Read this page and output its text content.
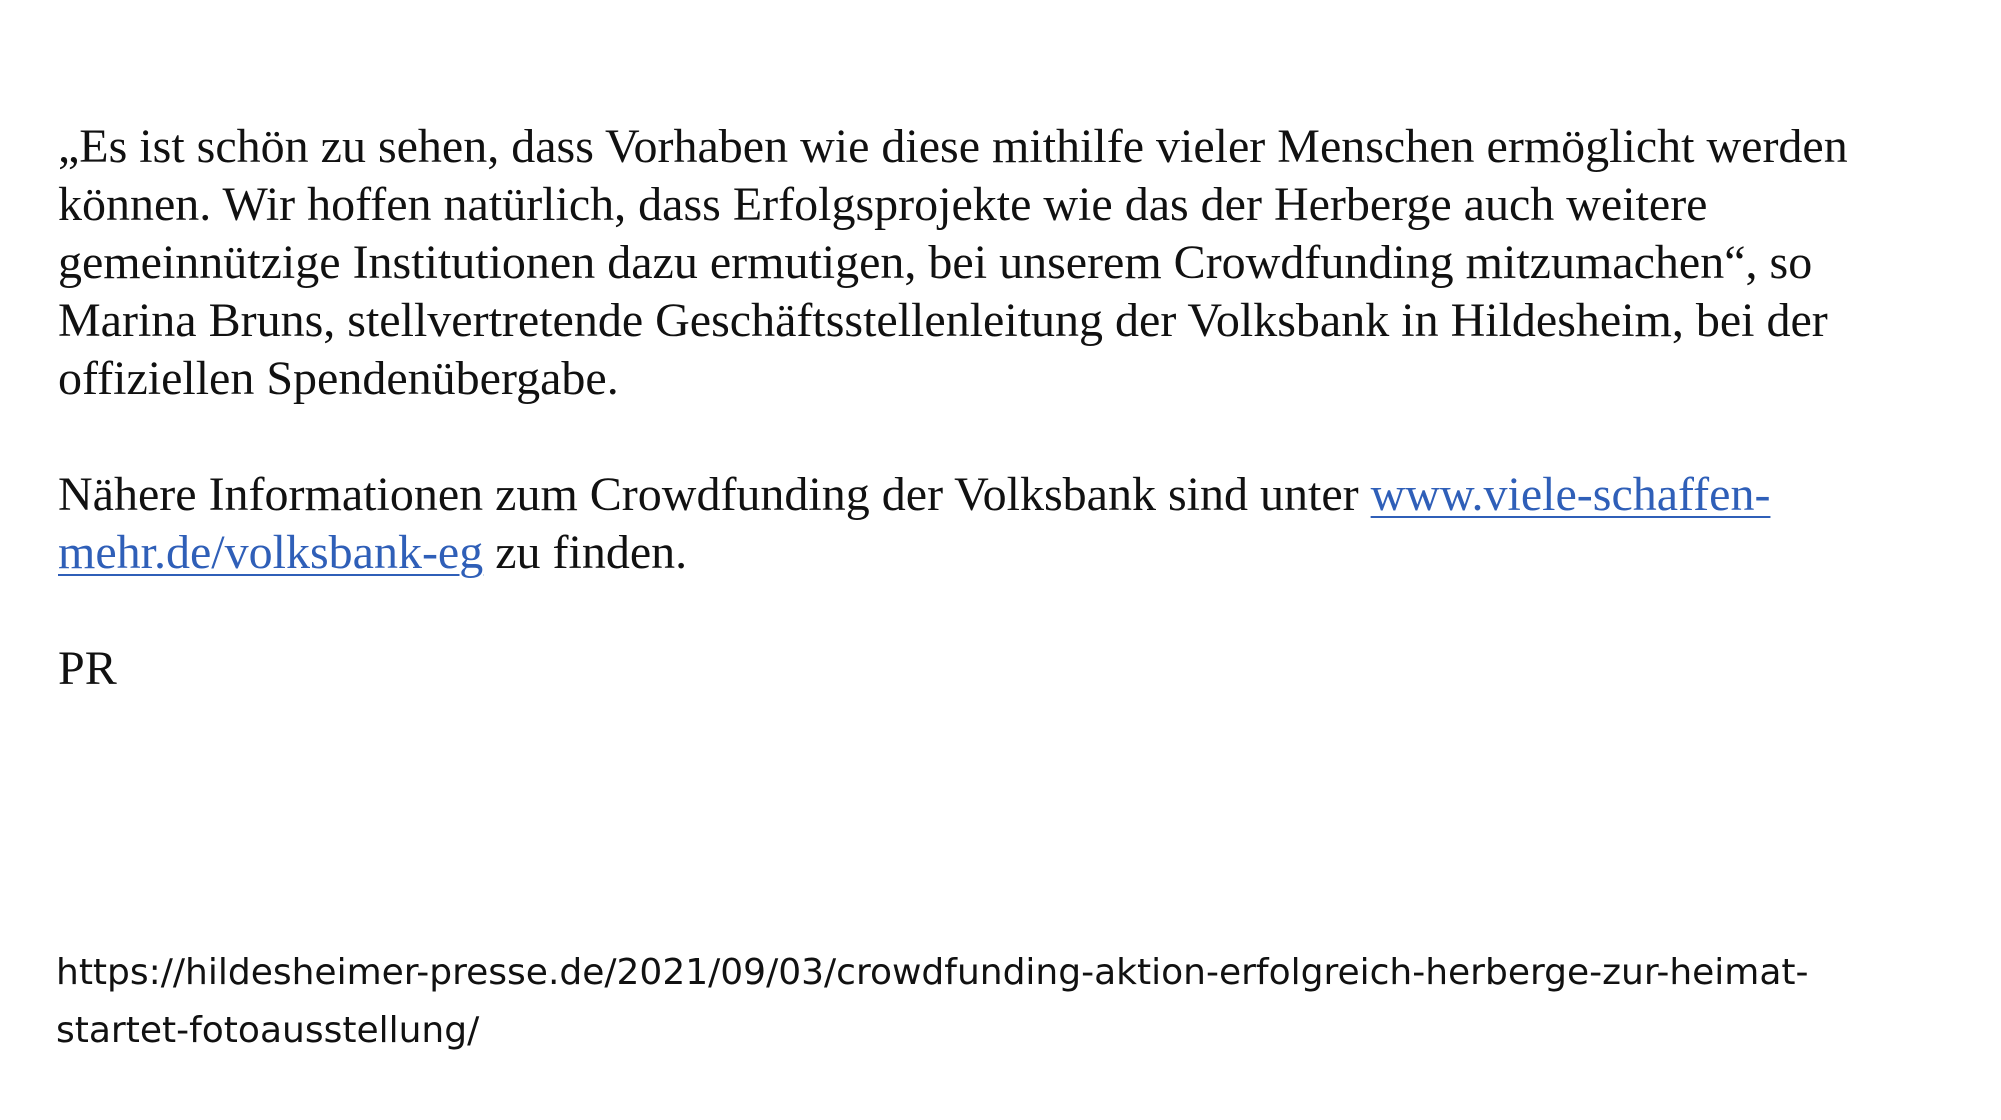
„Es ist schön zu sehen, dass Vorhaben wie diese mithilfe vieler Menschen ermöglicht werden
können. Wir hoffen natürlich, dass Erfolgsprojekte wie das der Herberge auch weitere
gemeinnützige Institutionen dazu ermutigen, bei unserem Crowdfunding mitzumachen“, so
Marina Bruns, stellvertretende Geschäftsstellenleitung der Volksbank in Hildesheim, bei der
offiziellen Spendenübergabe.

Nähere Informationen zum Crowdfunding der Volksbank sind unter www.viele-schaffen-
mehr.de/volksbank-eg zu finden.

PR

https://hildesheimer-presse.de/2021/09/03/crowdfunding-aktion-erfolgreich-herberge-zur-heimat-
startet-fotoausstellung/
